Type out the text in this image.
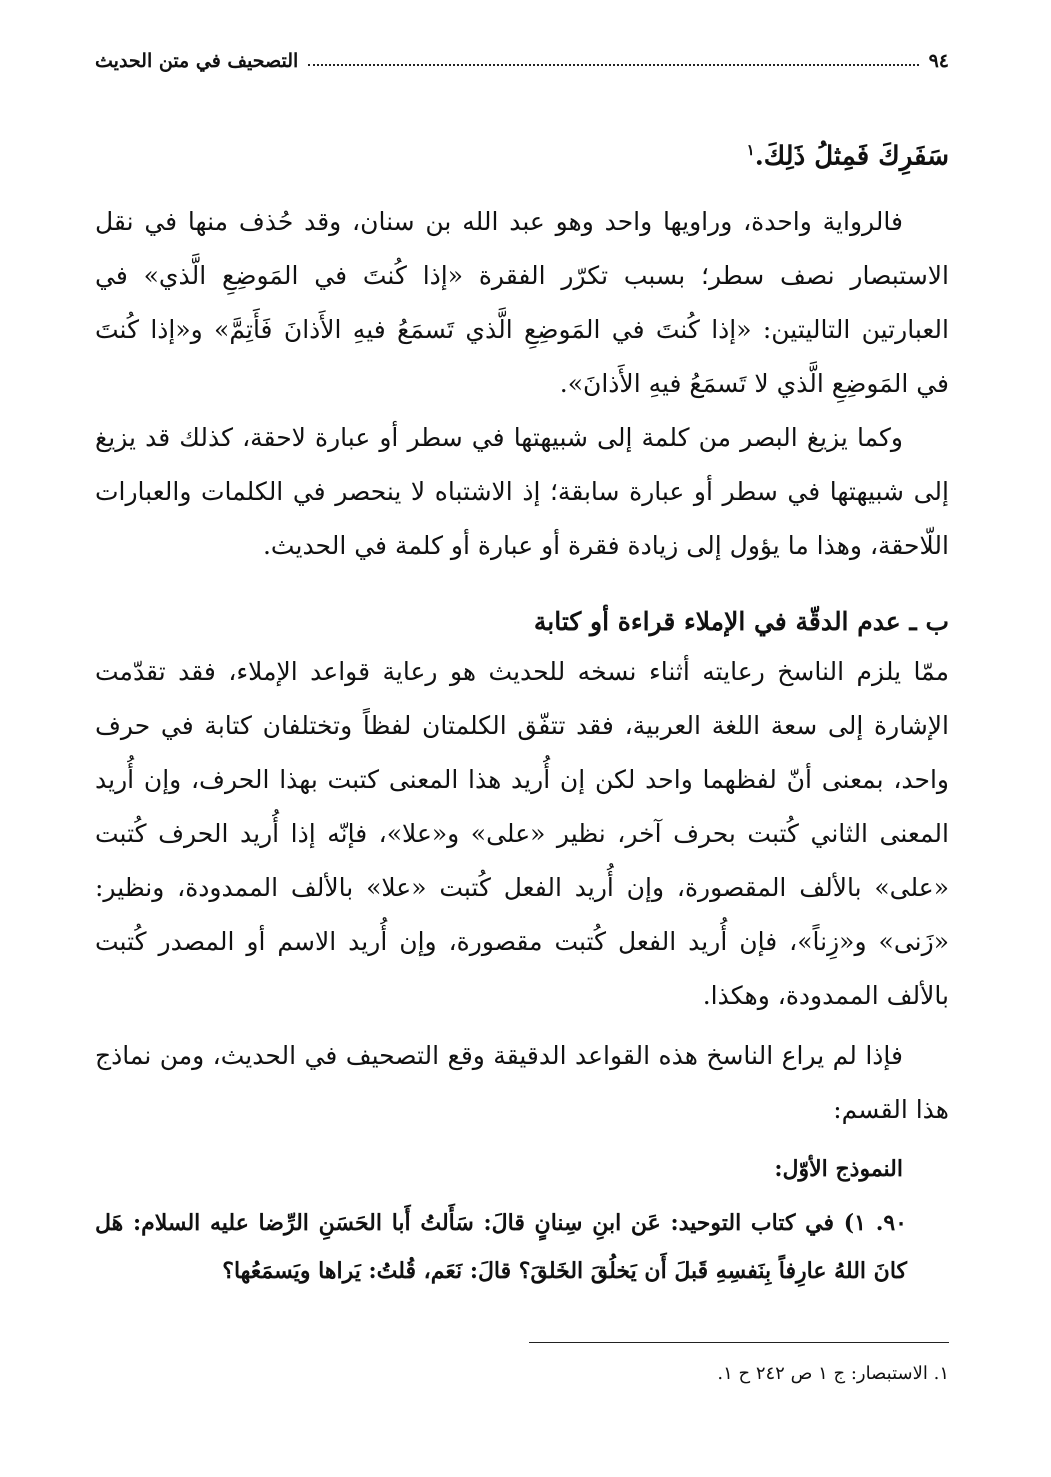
٩٤
التصحيف في متن الحديث
سَفَرِكَ فَمِثلُ ذَلِكَ.$^١$

فالرواية واحدة، وراويها واحد وهو عبد الله بن سنان، وقد حُذف منها في نقل الاستبصار نصف سطر؛ بسبب تكرّر الفقرة «إذا كُنتَ في المَوضِعِ الَّذي» في العبارتين التاليتين: «إذا كُنتَ في المَوضِعِ الَّذي تَسمَعُ فيهِ الأَذانَ فَأَتِمَّ» و«إذا كُنتَ في المَوضِعِ الَّذي لا تَسمَعُ فيهِ الأَذانَ».

وكما يزيغ البصر من كلمة إلى شبيهتها في سطر أو عبارة لاحقة، كذلك قد يزيغ إلى شبيهتها في سطر أو عبارة سابقة؛ إذ الاشتباه لا ينحصر في الكلمات والعبارات اللّاحقة، وهذا ما يؤول إلى زيادة فقرة أو عبارة أو كلمة في الحديث.

ب ـ عدم الدقّة في الإملاء قراءة أو كتابة

ممّا يلزم الناسخ رعايته أثناء نسخه للحديث هو رعاية قواعد الإملاء، فقد تقدّمت الإشارة إلى سعة اللغة العربية، فقد تتفّق الكلمتان لفظاً وتختلفان كتابة في حرف واحد، بمعنى أنّ لفظهما واحد لكن إن أُريد هذا المعنى كتبت بهذا الحرف، وإن أُريد المعنى الثاني كُتبت بحرف آخر، نظير «على» و«علا»، فإنّه إذا أُريد الحرف كُتبت «على» بالألف المقصورة، وإن أُريد الفعل كُتبت «علا» بالألف الممدودة، ونظير: «زَنى» و«زِناً»، فإن أُريد الفعل كُتبت مقصورة، وإن أُريد الاسم أو المصدر كُتبت بالألف الممدودة، وهكذا.

فإذا لم يراع الناسخ هذه القواعد الدقيقة وقع التصحيف في الحديث، ومن نماذج هذا القسم:

النموذج الأوّل:

٩٠. ١) في كتاب التوحيد: عَن ابنِ سِنانٍ قالَ: سَأَلتُ أَبا الحَسَنِ الرِّضا عليه السلام: هَل كانَ اللهُ عارِفاً بِنَفسِهِ قَبلَ أَن يَخلُقَ الخَلقَ؟ قالَ: نَعَم، قُلتُ: يَراها ويَسمَعُها؟

١. الاستبصار: ج ١ ص ٢٤٢ ح ١.
